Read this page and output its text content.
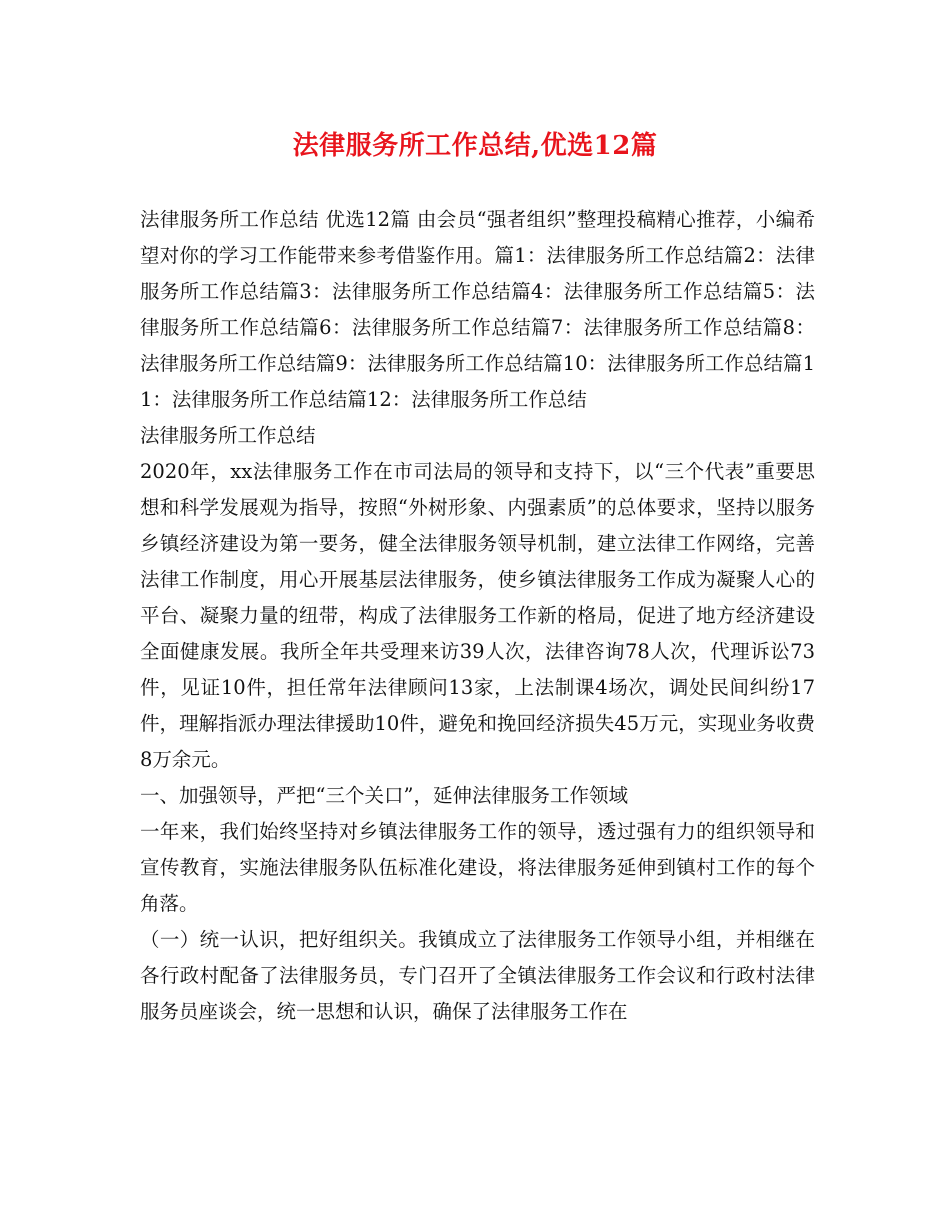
法律服务所工作总结,优选12篇

法律服务所工作总结 优选12篇 由会员“强者组织”整理投稿精心推荐，小编希望对你的学习工作能带来参考借鉴作用。篇1：法律服务所工作总结篇2：法律服务所工作总结篇3：法律服务所工作总结篇4：法律服务所工作总结篇5：法律服务所工作总结篇6：法律服务所工作总结篇7：法律服务所工作总结篇8：法律服务所工作总结篇9：法律服务所工作总结篇10：法律服务所工作总结篇11：法律服务所工作总结篇12：法律服务所工作总结

法律服务所工作总结

2020年，xx法律服务工作在市司法局的领导和支持下，以“三个代表”重要思想和科学发展观为指导，按照“外树形象、内强素质”的总体要求，坚持以服务乡镇经济建设为第一要务，健全法律服务领导机制，建立法律工作网络，完善法律工作制度，用心开展基层法律服务，使乡镇法律服务工作成为凝聚人心的平台、凝聚力量的纽带，构成了法律服务工作新的格局，促进了地方经济建设全面健康发展。我所全年共受理来访39人次，法律咨询78人次，代理诉讼73件，见证10件，担任常年法律顾问13家，上法制课4场次，调处民间纠纷17件，理解指派办理法律援助10件，避免和挽回经济损失45万元，实现业务收费8万余元。

一、加强领导，严把“三个关口”，延伸法律服务工作领域

一年来，我们始终坚持对乡镇法律服务工作的领导，透过强有力的组织领导和宣传教育，实施法律服务队伍标准化建设，将法律服务延伸到镇村工作的每个角落。

（一）统一认识，把好组织关。我镇成立了法律服务工作领导小组，并相继在各行政村配备了法律服务员，专门召开了全镇法律服务工作会议和行政村法律服务员座谈会，统一思想和认识，确保了法律服务工作在
